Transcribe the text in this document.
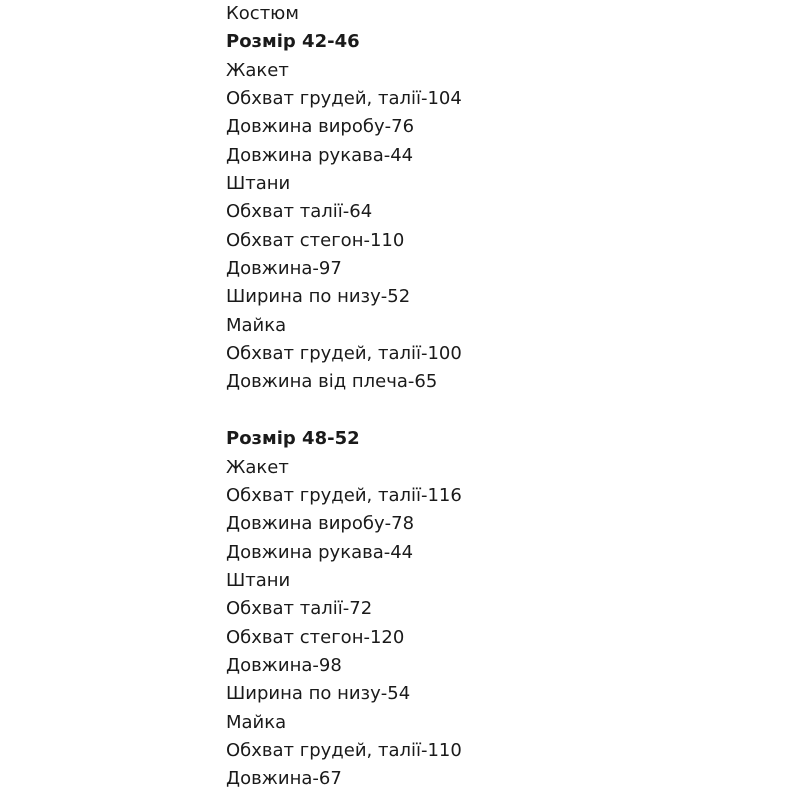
Костюм
Розмір 42-46
Жакет
Обхват грудей, талії-104
Довжина виробу-76
Довжина рукава-44
Штани
Обхват талії-64
Обхват стегон-110
Довжина-97
Ширина по низу-52
Майка
Обхват грудей, талії-100
Довжина від плеча-65
Розмір 48-52
Жакет
Обхват грудей, талії-116
Довжина виробу-78
Довжина рукава-44
Штани
Обхват талії-72
Обхват стегон-120
Довжина-98
Ширина по низу-54
Майка
Обхват грудей, талії-110
Довжина-67
